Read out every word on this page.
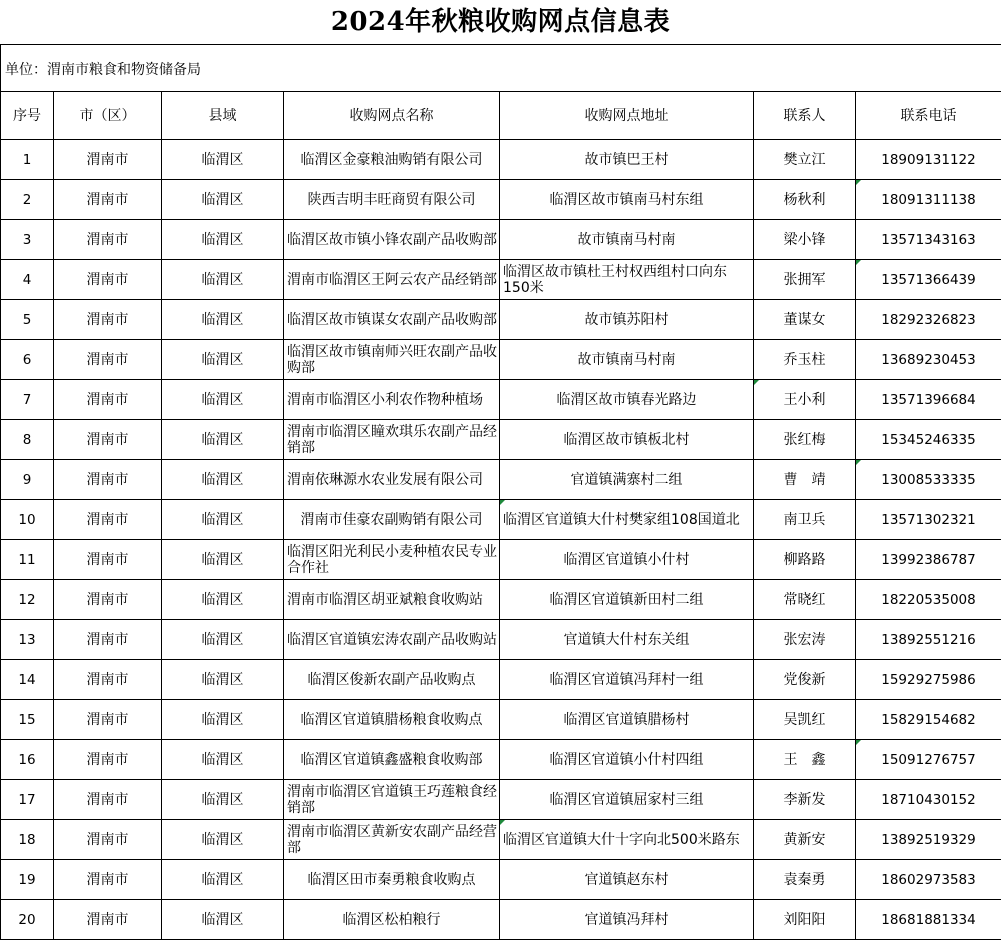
2024年秋粮收购网点信息表
单位：渭南市粮食和物资储备局
序号	市（区）	县域	收购网点名称	收购网点地址	联系人	联系电话

1	渭南市	临渭区	临渭区金豪粮油购销有限公司	故市镇巴王村	樊立江	18909131122

2	渭南市	临渭区	陕西吉明丰旺商贸有限公司	临渭区故市镇南马村东组	杨秋利	18091311138

3	渭南市	临渭区	临渭区故市镇小锋农副产品收购部	故市镇南马村南	梁小锋	13571343163

4	渭南市	临渭区	渭南市临渭区王阿云农产品经销部	临渭区故市镇杜王村权西组村口向东150米	张拥军	13571366439

5	渭南市	临渭区	临渭区故市镇谋女农副产品收购部	故市镇苏阳村	董谋女	18292326823

6	渭南市	临渭区	临渭区故市镇南师兴旺农副产品收购部	故市镇南马村南	乔玉柱	13689230453

7	渭南市	临渭区	渭南市临渭区小利农作物种植场	临渭区故市镇春光路边	王小利	13571396684

8	渭南市	临渭区	渭南市临渭区瞳欢琪乐农副产品经销部	临渭区故市镇板北村	张红梅	15345246335

9	渭南市	临渭区	渭南依琳源水农业发展有限公司	官道镇满寨村二组	曹　靖	13008533335

10	渭南市	临渭区	渭南市佳豪农副购销有限公司	临渭区官道镇大什村樊家组108国道北	南卫兵	13571302321

11	渭南市	临渭区	临渭区阳光利民小麦种植农民专业合作社	临渭区官道镇小什村	柳路路	13992386787

12	渭南市	临渭区	渭南市临渭区胡亚斌粮食收购站	临渭区官道镇新田村二组	常晓红	18220535008

13	渭南市	临渭区	临渭区官道镇宏涛农副产品收购站	官道镇大什村东关组	张宏涛	13892551216

14	渭南市	临渭区	临渭区俊新农副产品收购点	临渭区官道镇冯拜村一组	党俊新	15929275986

15	渭南市	临渭区	临渭区官道镇腊杨粮食收购点	临渭区官道镇腊杨村	吴凯红	15829154682

16	渭南市	临渭区	临渭区官道镇鑫盛粮食收购部	临渭区官道镇小什村四组	王　鑫	15091276757

17	渭南市	临渭区	渭南市临渭区官道镇王巧莲粮食经销部	临渭区官道镇屈家村三组	李新发	18710430152

18	渭南市	临渭区	渭南市临渭区黄新安农副产品经营部	临渭区官道镇大什十字向北500米路东	黄新安	13892519329

19	渭南市	临渭区	临渭区田市秦勇粮食收购点	官道镇赵东村	袁秦勇	18602973583

20	渭南市	临渭区	临渭区松柏粮行	官道镇冯拜村	刘阳阳	18681881334
